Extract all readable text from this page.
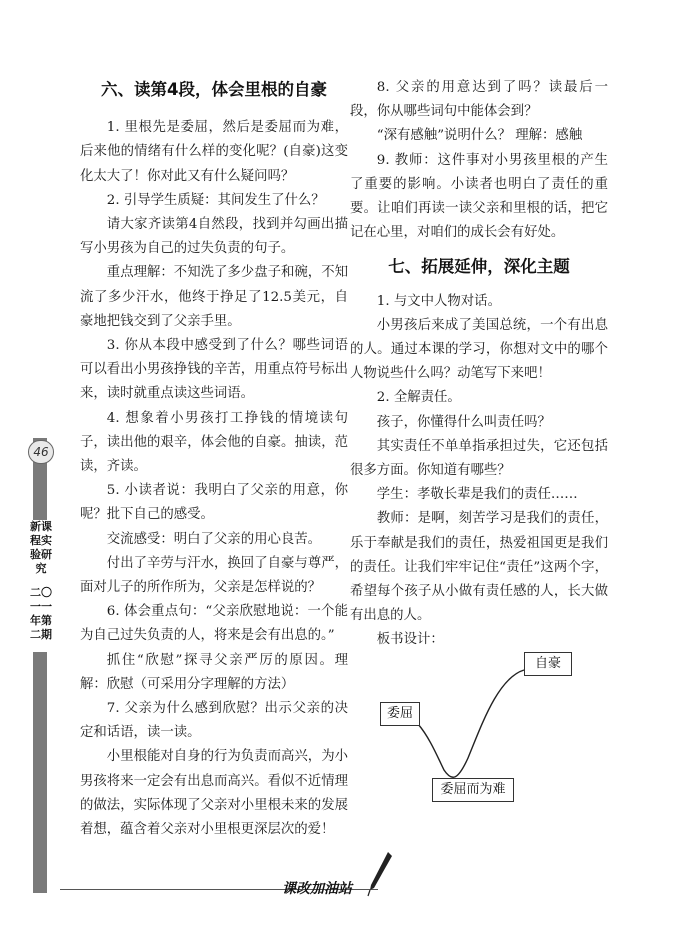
六、读第4段，体会里根的自豪

1. 里根先是委屈，然后是委屈而为难，后来他的情绪有什么样的变化呢？(自豪)这变化太大了！你对此又有什么疑问吗？

2. 引导学生质疑：其间发生了什么？

请大家齐读第4自然段，找到并勾画出描写小男孩为自己的过失负责的句子。

重点理解：不知洗了多少盘子和碗，不知流了多少汗水，他终于挣足了12.5美元，自豪地把钱交到了父亲手里。

3. 你从本段中感受到了什么？哪些词语可以看出小男孩挣钱的辛苦，用重点符号标出来，读时就重点读这些词语。

4. 想象着小男孩打工挣钱的情境读句子，读出他的艰辛，体会他的自豪。抽读，范读，齐读。

5. 小读者说：我明白了父亲的用意，你呢？批下自己的感受。

交流感受：明白了父亲的用心良苦。

付出了辛劳与汗水，换回了自豪与尊严，面对儿子的所作所为，父亲是怎样说的？

6. 体会重点句：“父亲欣慰地说：一个能为自己过失负责的人，将来是会有出息的。”

抓住“欣慰”探寻父亲严厉的原因。理解：欣慰（可采用分字理解的方法）

7. 父亲为什么感到欣慰？出示父亲的决定和话语，读一读。

小里根能对自身的行为负责而高兴，为小男孩将来一定会有出息而高兴。看似不近情理的做法，实际体现了父亲对小里根未来的发展着想，蕴含着父亲对小里根更深层次的爱！

8. 父亲的用意达到了吗？读最后一段，你从哪些词句中能体会到？

“深有感触”说明什么？ 理解：感触

9. 教师：这件事对小男孩里根的产生了重要的影响。小读者也明白了责任的重要。让咱们再读一读父亲和里根的话，把它记在心里，对咱们的成长会有好处。

七、拓展延伸，深化主题

1. 与文中人物对话。

小男孩后来成了美国总统，一个有出息的人。通过本课的学习，你想对文中的哪个人物说些什么吗？动笔写下来吧！

2. 全解责任。

孩子，你懂得什么叫责任吗？

其实责任不单单指承担过失，它还包括很多方面。你知道有哪些？

学生：孝敬长辈是我们的责任……

教师：是啊，刻苦学习是我们的责任，乐于奉献是我们的责任，热爱祖国更是我们的责任。让我们牢牢记住“责任”这两个字，希望每个孩子从小做有责任感的人，长大做有出息的人。

板书设计：

自豪
委屈
委屈而为难
46
新课程实验研究
二〇一一年第二期
课改加油站
